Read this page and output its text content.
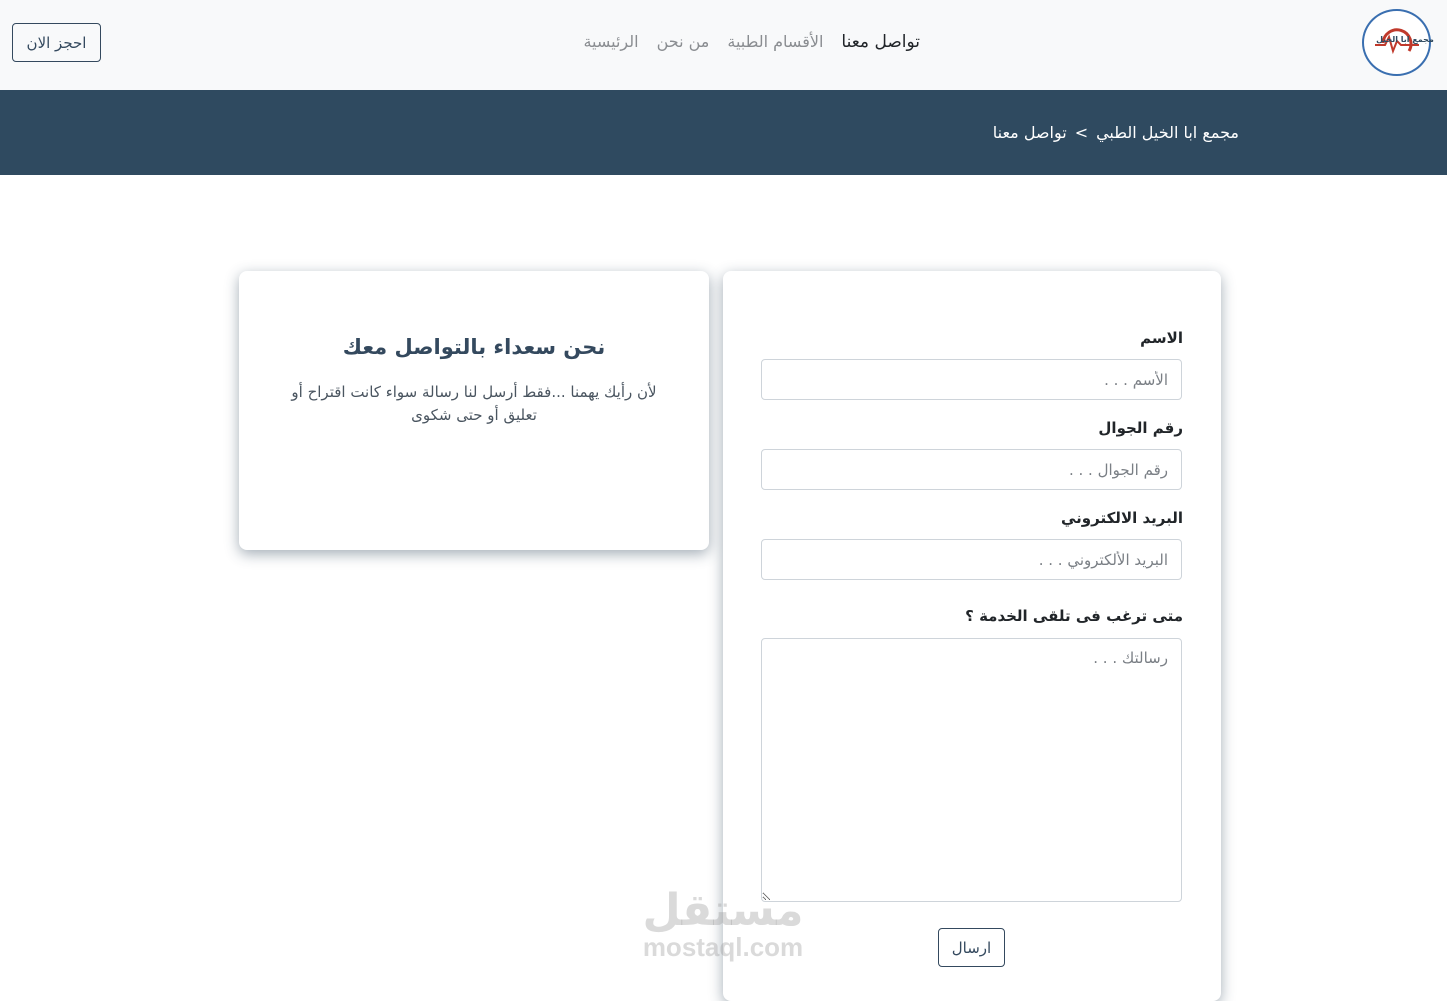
مجمع ابا الخيل
الرئيسية من نحن الأقسام الطبية تواصل معنا
احجز الان
مجمع ابا الخيل الطبي
>
تواصل معنا
نحن سعداء بالتواصل معك

لأن رأيك يهمنا ...فقط أرسل لنا رسالة سواء كانت اقتراح أو تعليق أو حتى شكوى

الاسم
الأسم . . .
رقم الجوال
رقم الجوال . . .
البريد الالكتروني
البريد الألكتروني . . .
متى ترغب فى تلقى الخدمة ؟
رسالتك . . .
ارسال
مستقل
mostaql.com
